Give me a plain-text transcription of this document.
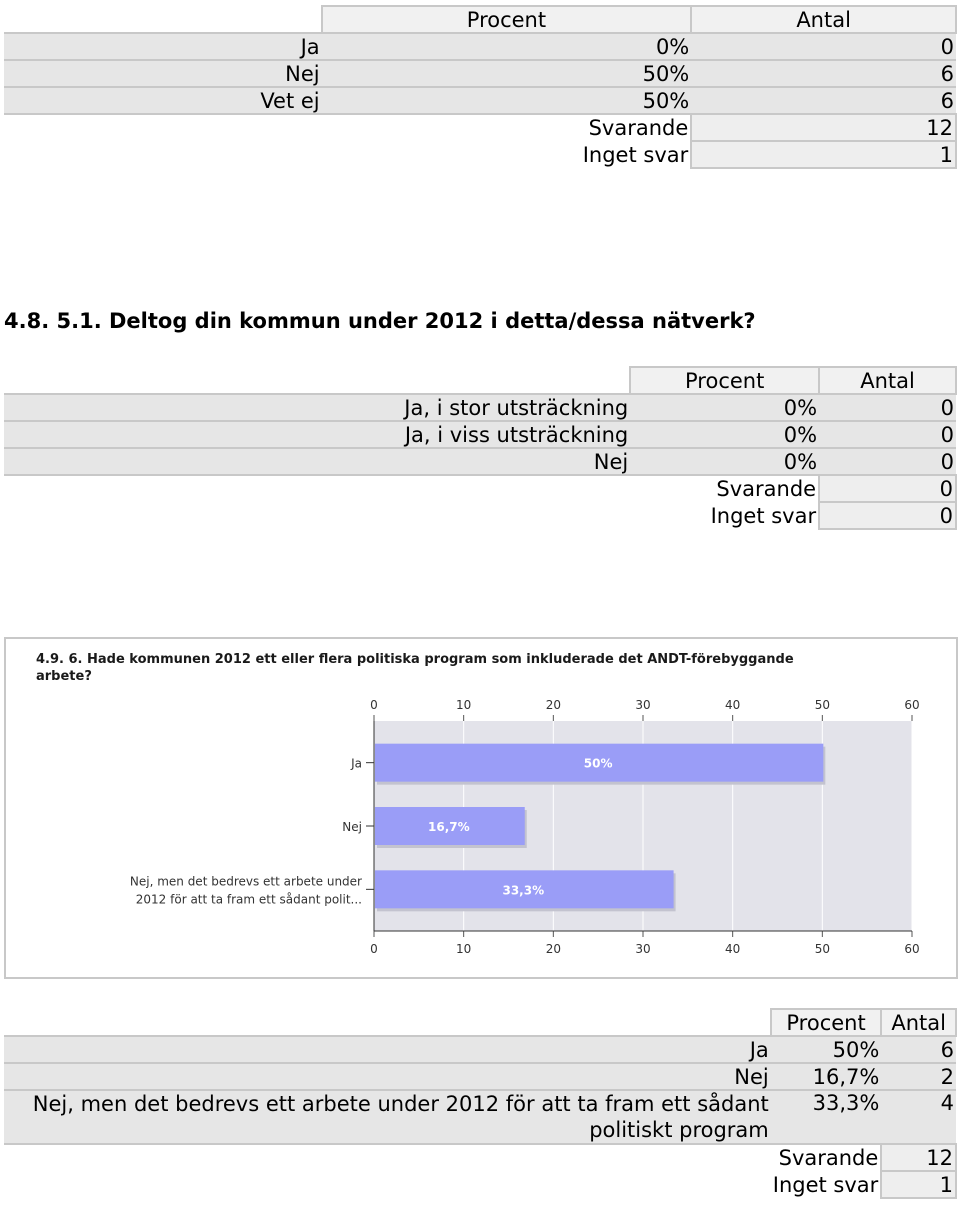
	Procent	Antal
Ja	0%	0
Nej	50%	6
Vet ej	50%	6
	Svarande	12
	Inget svar	1
4.8. 5.1. Deltog din kommun under 2012 i detta/dessa nätverk?
	Procent	Antal
Ja, i stor utsträckning	0%	0
Ja, i viss utsträckning	0%	0
Nej	0%	0
	Svarande	0
	Inget svar	0
4.9. 6. Hade kommunen 2012 ett eller flera politiska program som inkluderade det ANDT-förebyggande
arbete?
0
0
10
10
20
20
30
30
40
40
50
50
60
60
50%
Ja
16,7%
Nej
33,3%
Nej, men det bedrevs ett arbete under
2012 för att ta fram ett sådant polit...
	Procent	Antal
Ja	50%	6
Nej	16,7%	2
Nej, men det bedrevs ett arbete under 2012 för att ta fram ett sådant politiskt program	33,3%	4
	Svarande	12
	Inget svar	1
